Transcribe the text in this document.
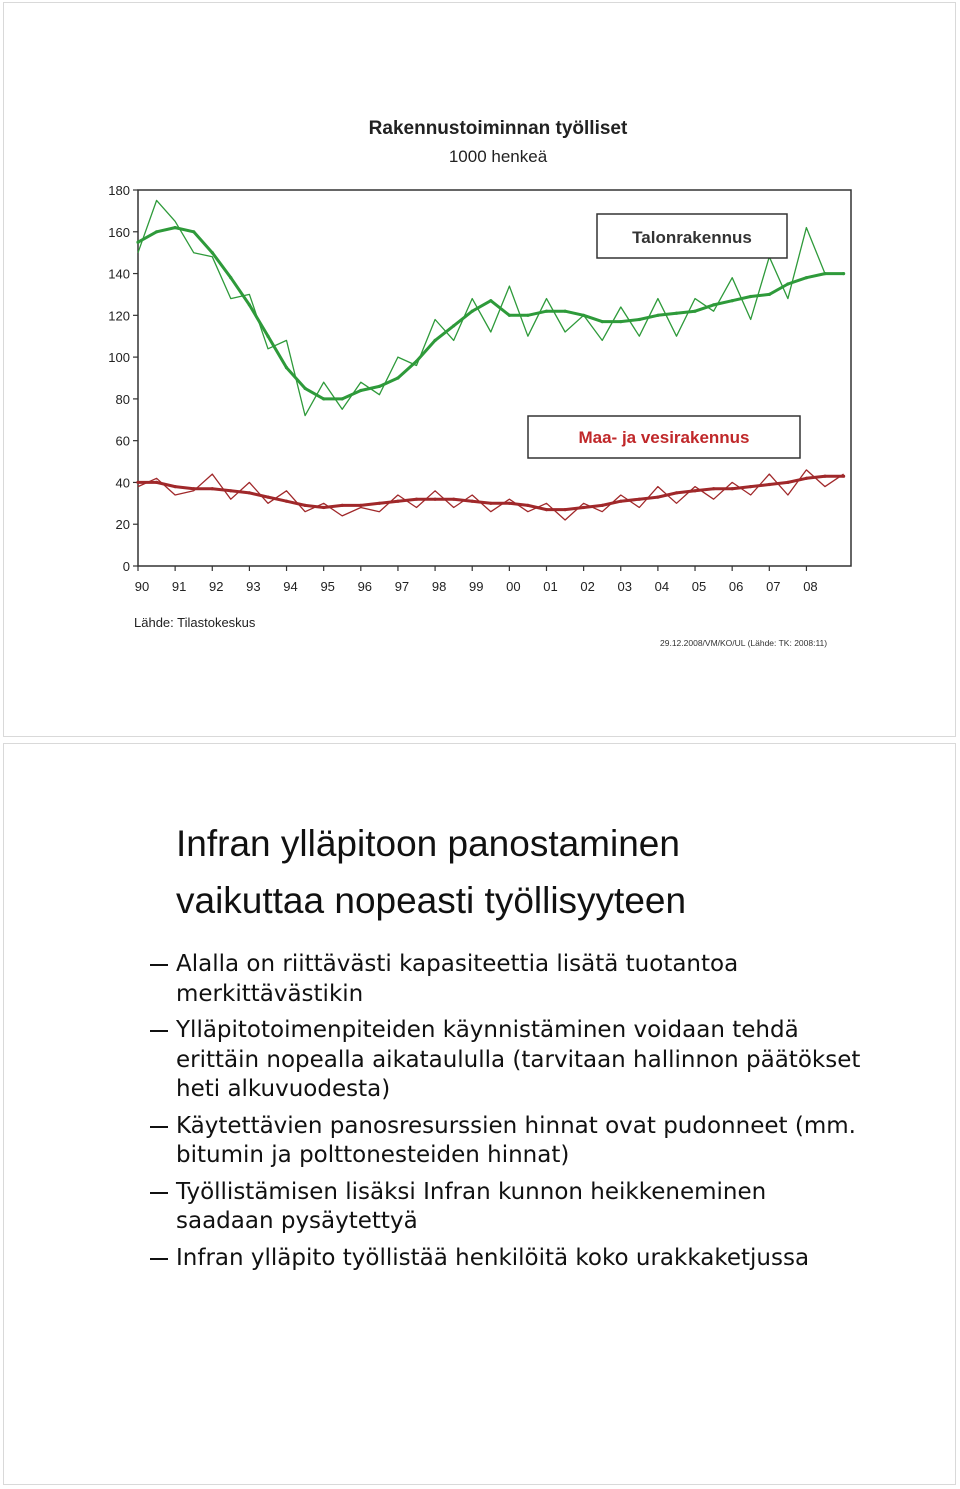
Rakennustoiminnan työlliset
1000 henkeä
0
20
40
60
80
100
120
140
160
180
90 91 92 93 94 95 96 97 98 99 00 01 02 03 04 05 06 07 08
Talonrakennus
Maa- ja vesirakennus
Lähde: Tilastokeskus
29.12.2008/VM/KO/UL (Lähde: TK: 2008:11)
Infran ylläpitoon panostaminen
vaikuttaa nopeasti työllisyyteen
Alalla on riittävästi kapasiteettia lisätä tuotantoa merkittävästikin
Ylläpitotoimenpiteiden käynnistäminen voidaan tehdä erittäin nopealla aikataululla (tarvitaan hallinnon päätökset heti alkuvuodesta)
Käytettävien panosresurssien hinnat ovat pudonneet (mm. bitumin ja polttonesteiden hinnat)
Työllistämisen lisäksi Infran kunnon heikkeneminen saadaan pysäytettyä
Infran ylläpito työllistää henkilöitä koko urakkaketjussa
